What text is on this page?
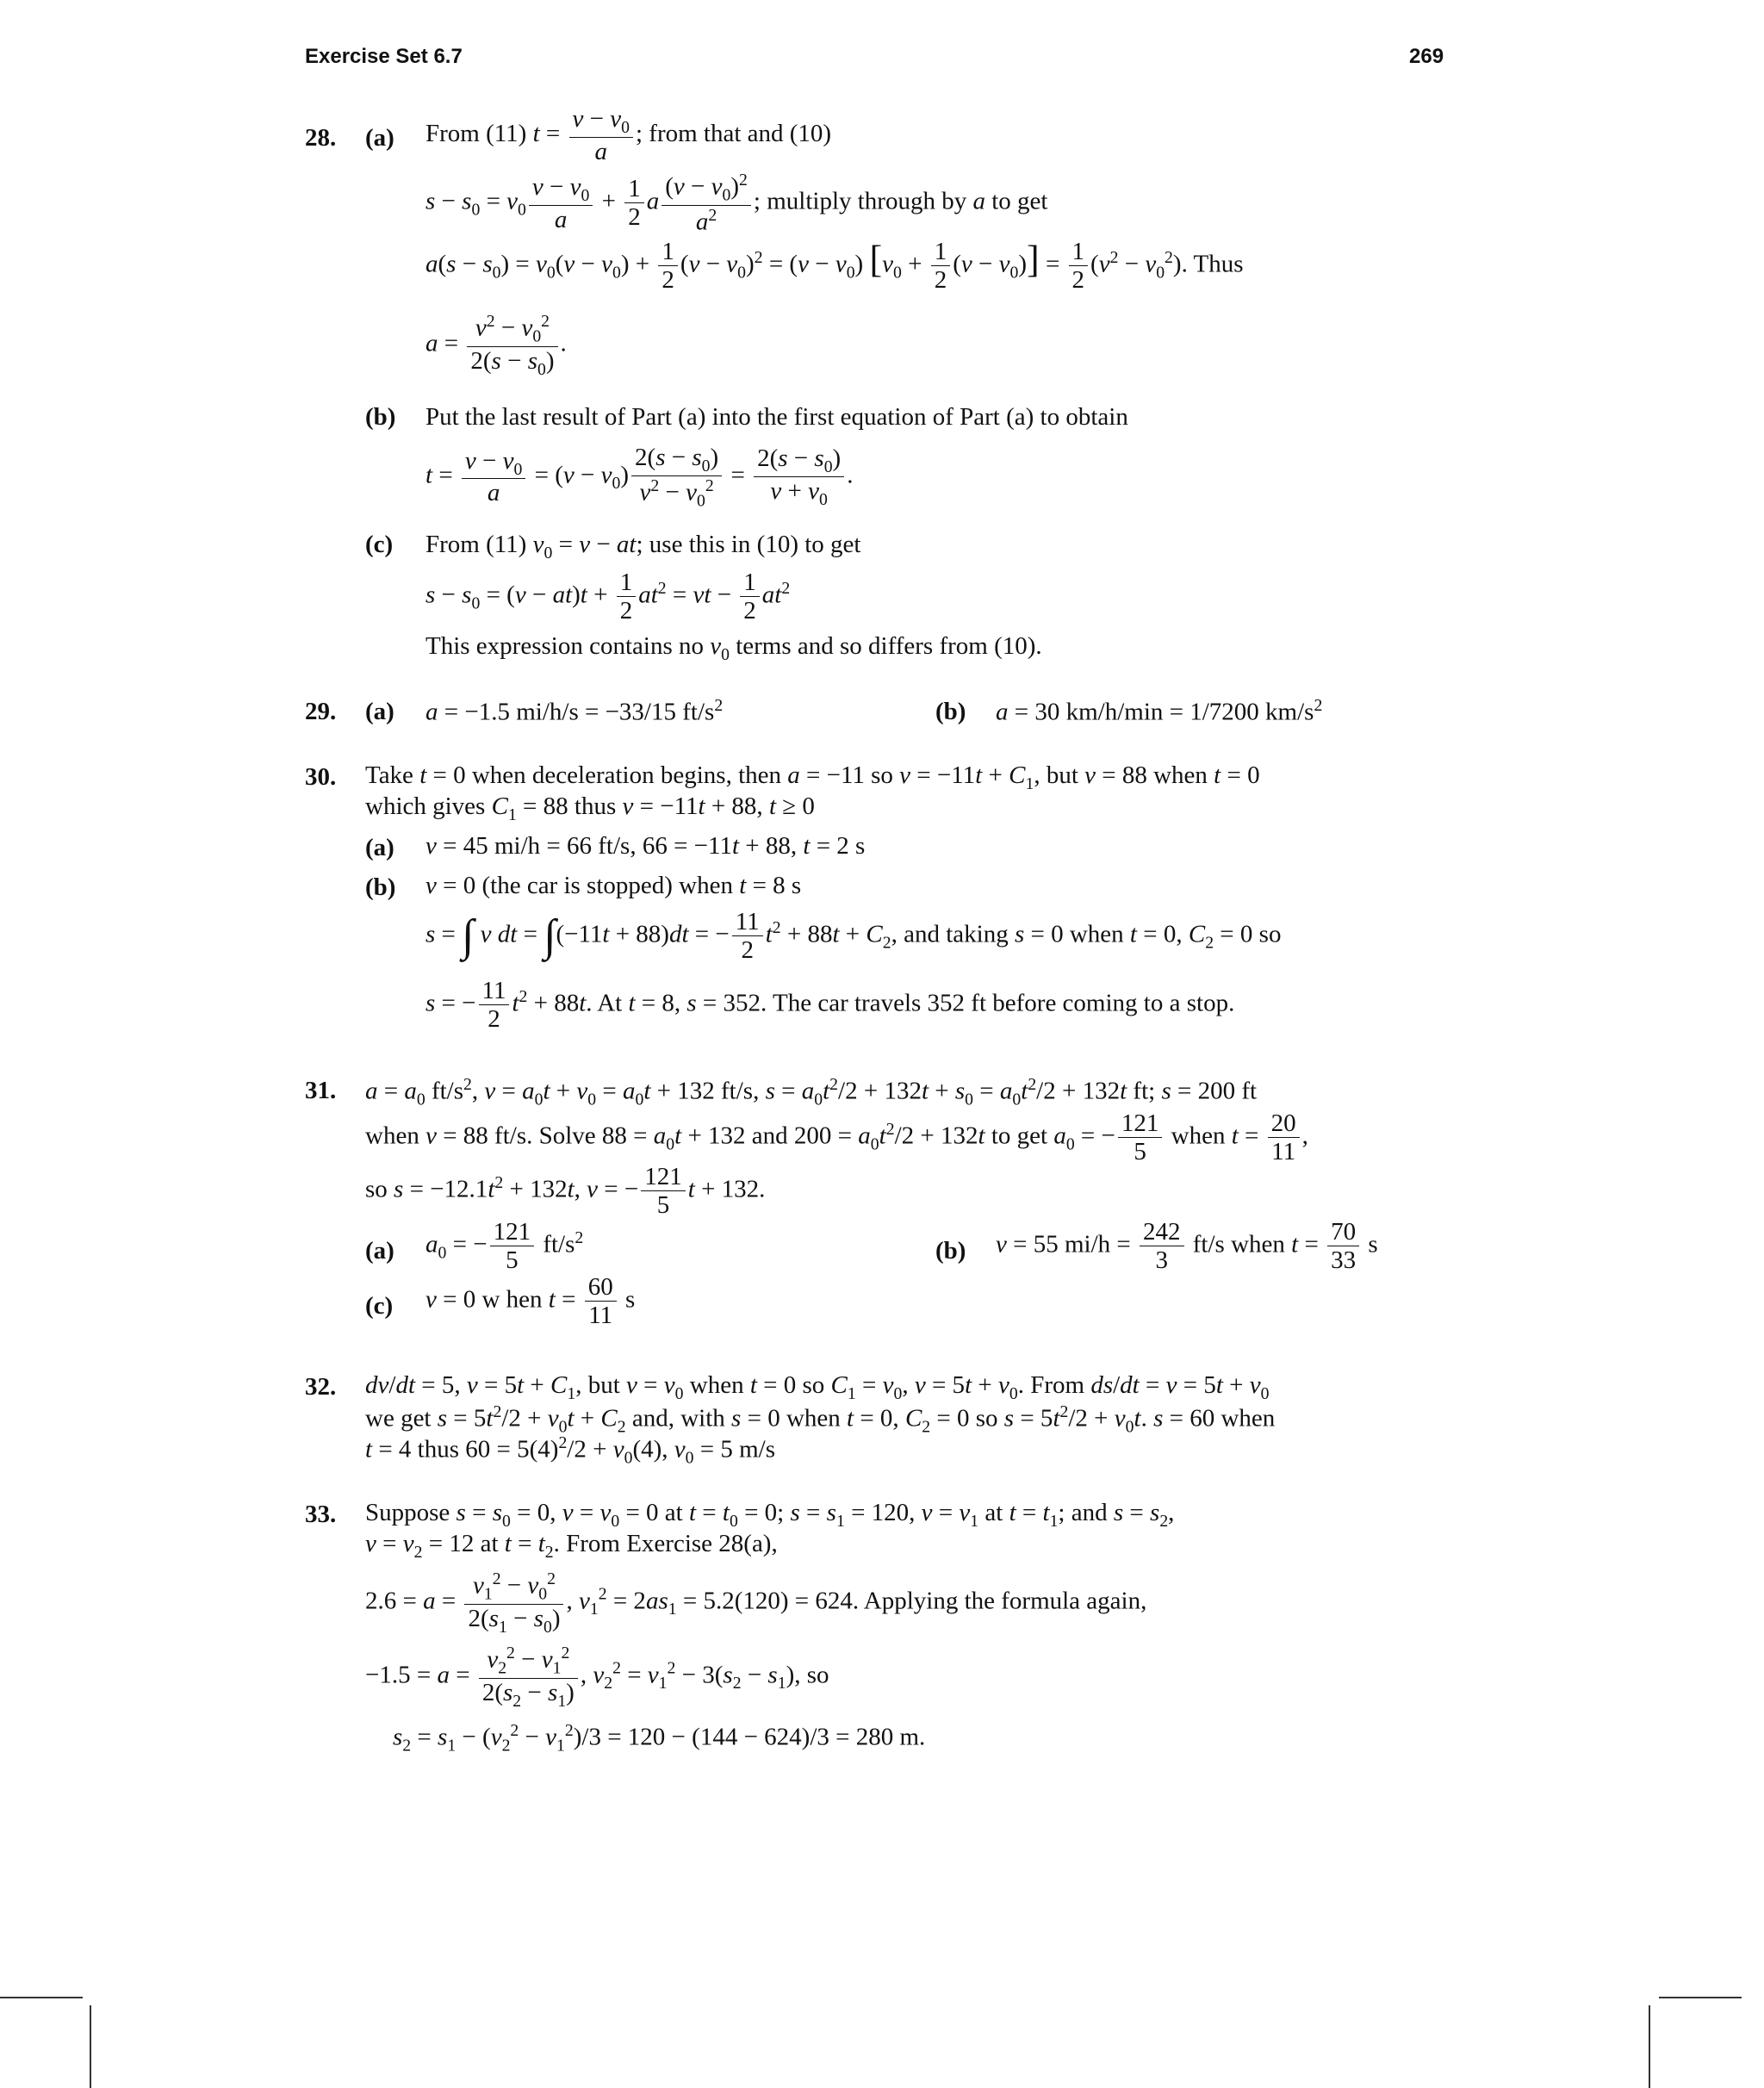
Exercise Set 6.7	269
28. (a) From (11) $t = \frac{v - v_0}{a}$ ; from that and (10)
$s - s_0 = v_0 \frac{v - v_0}{a} + \frac{1}{2}$ a $\frac{(v - v_0)^2}{a^2}$ ; multiply through by a to get
$a(s - s_0) = v_0(v - v_0) + \frac{1}{2} (v - v_0)^2 = (v - v_0)$ $[v_0 + \frac{1}{2} (v - v_0)] = \frac{1}{2} (v^2 - v_0^2)$. Thus
$a = \frac{v^2 - v_0^2}{2(s - s_0)}$ .
(b) Put the last result of Part (a) into the first equation of Part (a) to obtain
$t = \frac{v - v_0}{a} = (v - v_0) \frac{2(s - s_0)}{v^2 - v_0^2} = \frac{2(s - s_0)}{v + v_0}$ .
(c) From (11) $v_0 = v$ − at; use this in (10) to get
$s - s_0 = (v - at)t + \frac{1}{2} at^2$ = vt − $\frac{1}{2} at^2$
This expression contains no $v_0$ terms and so differs from (10).
29. (a) a = −1.5 mi/h/s = −33/15 $ft/s^2$	(b) a = 30 km/h/min = 1/7200 $km/s^2$
30. Take t = 0 when deceleration begins, then a = −11 so $v = -11t + C_1$, but v = 88 when t = 0
which gives $C_1 = 88$ thus v = −11t + 88, t ≥ 0
(a) v = 45 mi/h = 66 ft/s, 66 = −11t + 88, t = 2 s
(b) v = 0 (the car is stopped) when t = 8 s
s = ∫ v dt = ∫(−11t + 88)dt = − $\frac{11}{2} t^2 + 88t + C_2$, and taking s = 0 when t = 0, $C_2 = 0$ so
s = − $\frac{11}{2} t^2 + 88t$. At t = 8, s = 352. The car travels 352 ft before coming to a stop.
31. $a = a_0$ $ft/s^2$, $v = a_0t + v_0 = a_0t + 132$ ft/s, $s = a_0t^2/2 + 132t + s_0 = a_0t^2/2 + 132t$ ft; s = 200 ft
when v = 88 ft/s. Solve $88 = a_0t + 132$ and $200 = a_0t^2/2 + 132t$ to get $a_0$ = − $\frac{121}{5}$ when $t = \frac{20}{11}$ ,
so $s = -12.1t^2 + 132t$, v = − $\frac{121}{5}$ t + 132.
(a) $a_0$ = − $\frac{121}{5} ft/s^2$	(b) v = 55 $mi/h = \frac{242}{3} ft/s$ when $t = \frac{70}{33}$ s
(c) v = 0 w hen $t = \frac{60}{11}$ s
32. dv/dt = 5, $v = 5t + C_1$, but $v = v_0$ when t = 0 so $C_1 = v_0$, $v = 5t + v_0$. From $ds/dt = v = 5t + v_0$
we get $s = 5t^2/2 + v_0t + C_2$ and, with s = 0 when t = 0, $C_2 = 0$ so $s = 5t^2/2 + v_0t$. s = 60 when
t = 4 thus $60 = 5(4)^2/2 + v_0(4)$, $v_0 = 5$ m/s
33. Suppose $s = s_0 = 0$, $v = v_0 = 0$ at $t = t_0 = 0$; $s = s_1 = 120$, $v = v_1$ at $t = t_1$; and $s = s_2$,
$v = v_2 = 12$ at $t = t_2$. From Exercise 28(a),
$2.6 = a = \frac{v_1^2 - v_0^2}{2(s_1 - s_0)}$ , $v_1^2 = 2as_1 = 5.2(120) = 624$. Applying the formula again,
$-1.5 = a = \frac{v_2^2 - v_1^2}{2(s_2 - s_1)}$ , $v_2^2 = v_1^2 - 3(s_2 - s_1)$, so
$s_2 = s_1 - (v_2^2 - v_1^2)/3 = 120 - (144 - 624)/3 = 280$ m.
